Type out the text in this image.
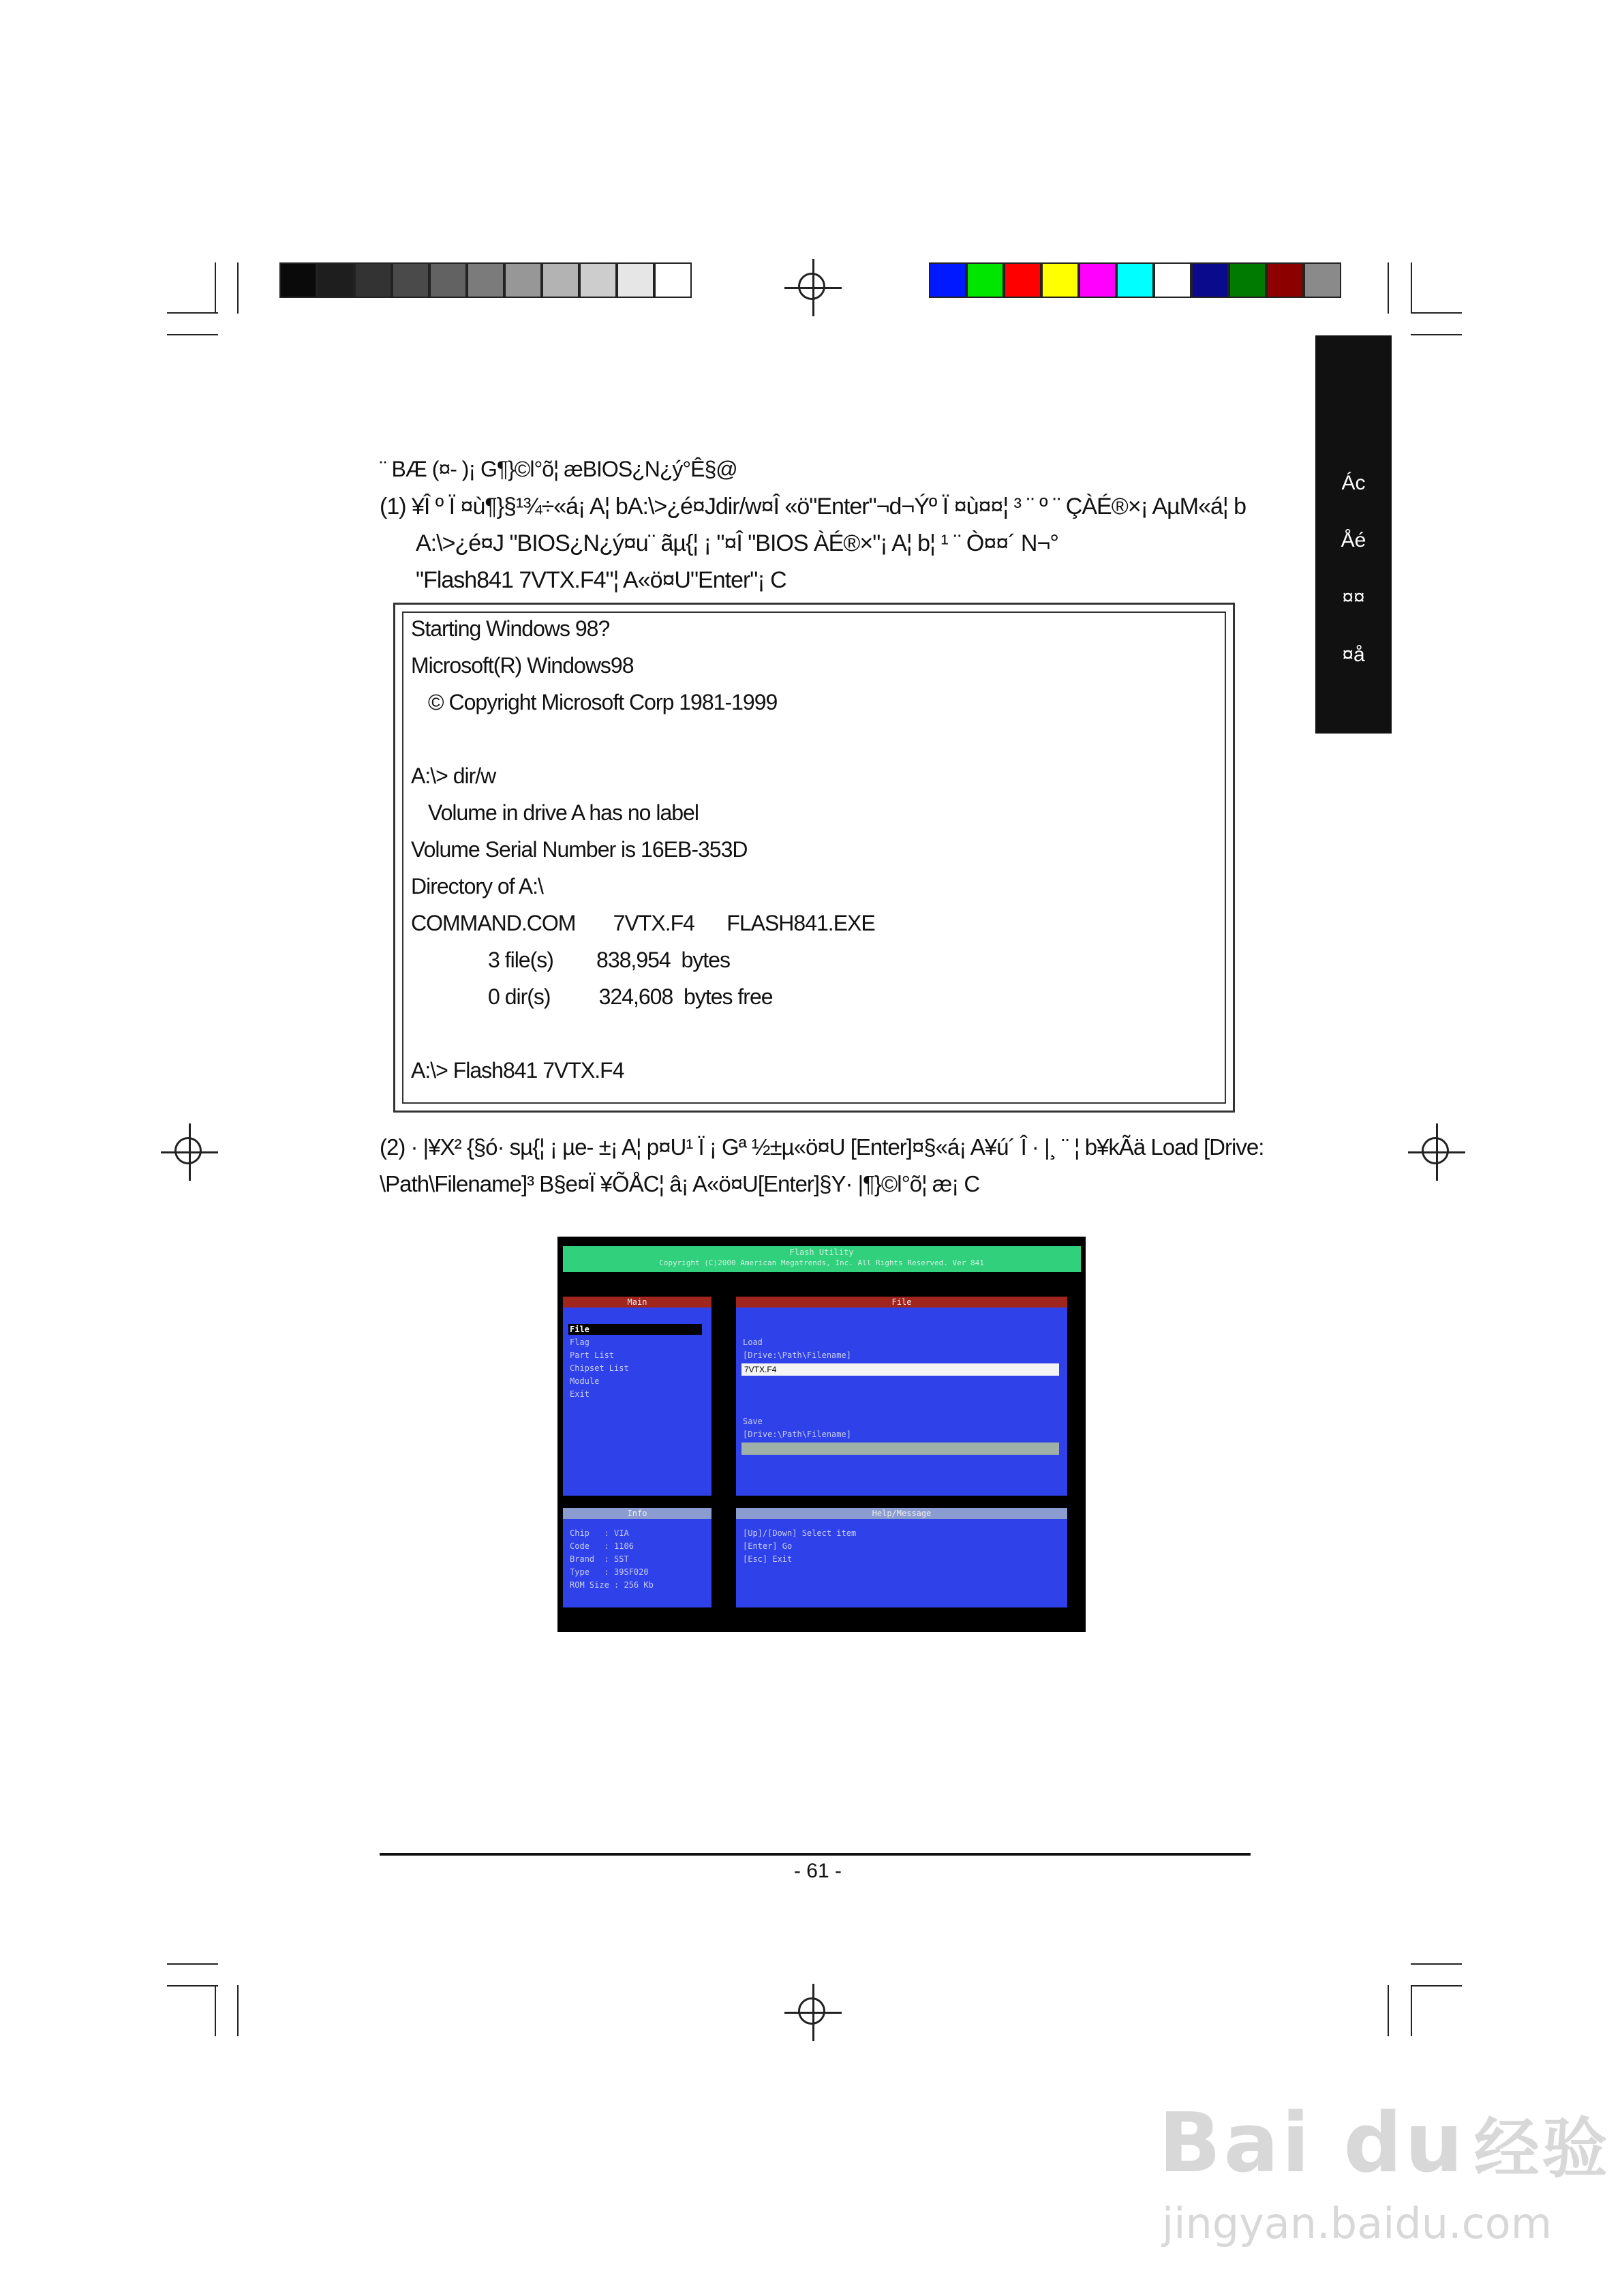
Ác
Åé
¤¤
¤å
¨ BÆ (¤- )¡ G¶}©l°õ¦ æBIOS¿N¿ý°Ê§@
(1) ¥Î º Ï ¤ù¶}§¹¾÷«á¡ A¦ bA:\>¿é¤Jdir/w¤Î «ö"Enter"¬d¬Ýº Ï ¤ù¤¤¦ ³ ¨ º ¨ ÇÀÉ®×¡ AµM«á¦ b
A:\>¿é¤J "BIOS¿N¿ý¤u¨ ãµ{¦ ¡ "¤Î "BIOS ÀÉ®×"¡ A¦ b¦ ¹ ¨ Ò¤¤´ N¬°
"Flash841 7VTX.F4"¦ A«ö¤U"Enter"¡ C
Starting Windows 98?
Microsoft(R) Windows98
© Copyright Microsoft Corp 1981-1999
A:\> dir/w
Volume in drive A has no label
Volume Serial Number is 16EB-353D
Directory of A:\
COMMAND.COM       7VTX.F4      FLASH841.EXE
3 file(s)        838,954  bytes
0 dir(s)         324,608  bytes free
A:\> Flash841 7VTX.F4
(2) · |¥X² {§ó· sµ{¦ ¡ µe- ±¡ A¦ p¤U¹ Ï ¡ Gª ½±µ«ö¤U [Enter]¤§«á¡ A¥ú´ Î · |¸ ¨ ¦ b¥kÃä Load [Drive:
\Path\Filename]³ B§e¤Ï ¥ÕÅC¦ â¡ A«ö¤U[Enter]§Y· |¶}©l°õ¦ æ¡ C
Flash Utility
Copyright (C)2000 American Megatrends, Inc. All Rights Reserved. Ver 841
Main
File
Flag
Part List
Chipset List
Module
Exit
File
Load
[Drive:\Path\Filename]
7VTX.F4
Save
[Drive:\Path\Filename]
Info
Chip   : VIA
Code   : 1106
Brand  : SST
Type   : 39SF020
ROM Size : 256 Kb
Help/Message
[Up]/[Down] Select item
[Enter] Go
[Esc] Exit
- 61 -
Bai du 经验
jingyan.baidu.com
